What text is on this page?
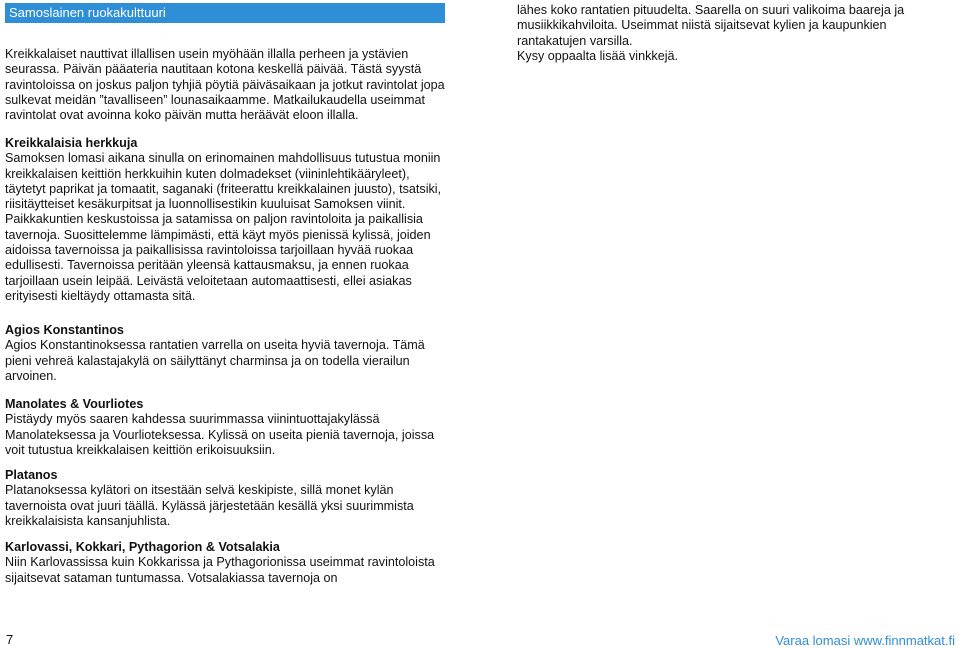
Samoslainen ruokakulttuuri

Kreikkalaiset nauttivat illallisen usein myöhään illalla perheen ja ystävien seurassa. Päivän pääateria nautitaan kotona keskellä päivää. Tästä syystä ravintoloissa on joskus paljon tyhjiä pöytiä päiväsaikaan ja jotkut ravintolat jopa sulkevat meidän ”tavalliseen” lounasaikaamme. Matkailukaudella useimmat ravintolat ovat avoinna koko päivän mutta heräävät eloon illalla.

Kreikkalaisia herkkuja

Samoksen lomasi aikana sinulla on erinomainen mahdollisuus tutustua moniin kreikkalaisen keittiön herkkuihin kuten dolmadekset (viininlehtikääryleet), täytetyt paprikat ja tomaatit, saganaki (friteerattu kreikkalainen juusto), tsatsiki, riisitäytteiset kesäkurpitsat ja luonnollisestikin kuuluisat Samoksen viinit.

Paikkakuntien keskustoissa ja satamissa on paljon ravintoloita ja paikallisia tavernoja. Suosittelemme lämpimästi, että käyt myös pienissä kylissä, joiden aidoissa tavernoissa ja paikallisissa ravintoloissa tarjoillaan hyvää ruokaa edullisesti. Tavernoissa peritään yleensä kattausmaksu, ja ennen ruokaa tarjoillaan usein leipää. Leivästä veloitetaan automaattisesti, ellei asiakas erityisesti kieltäydy ottamasta sitä.

Agios Konstantinos

Agios Konstantinoksessa rantatien varrella on useita hyviä tavernoja. Tämä pieni vehreä kalastajakylä on säilyttänyt charminsa ja on todella vierailun arvoinen.

Manolates & Vourliotes

Pistäydy myös saaren kahdessa suurimmassa viinintuottajakylässä Manolateksessa ja Vourlioteksessa. Kylissä on useita pieniä tavernoja, joissa voit tutustua kreikkalaisen keittiön erikoisuuksiin.

Platanos

Platanoksessa kylätori on itsestään selvä keskipiste, sillä monet kylän tavernoista ovat juuri täällä. Kylässä järjestetään kesällä yksi suurimmista kreikkalaisista kansanjuhlista.

Karlovassi, Kokkari, Pythagorion & Votsalakia

Niin Karlovassissa kuin Kokkarissa ja Pythagorionissa useimmat ravintoloista sijaitsevat sataman tuntumassa. Votsalakiassa tavernoja on

lähes koko rantatien pituudelta. Saarella on suuri valikoima baareja ja musiikkikahviloita. Useimmat niistä sijaitsevat kylien ja kaupunkien rantakatujen varsilla.

Kysy oppaalta lisää vinkkejä.

7	Varaa lomasi www.finnmatkat.fi
